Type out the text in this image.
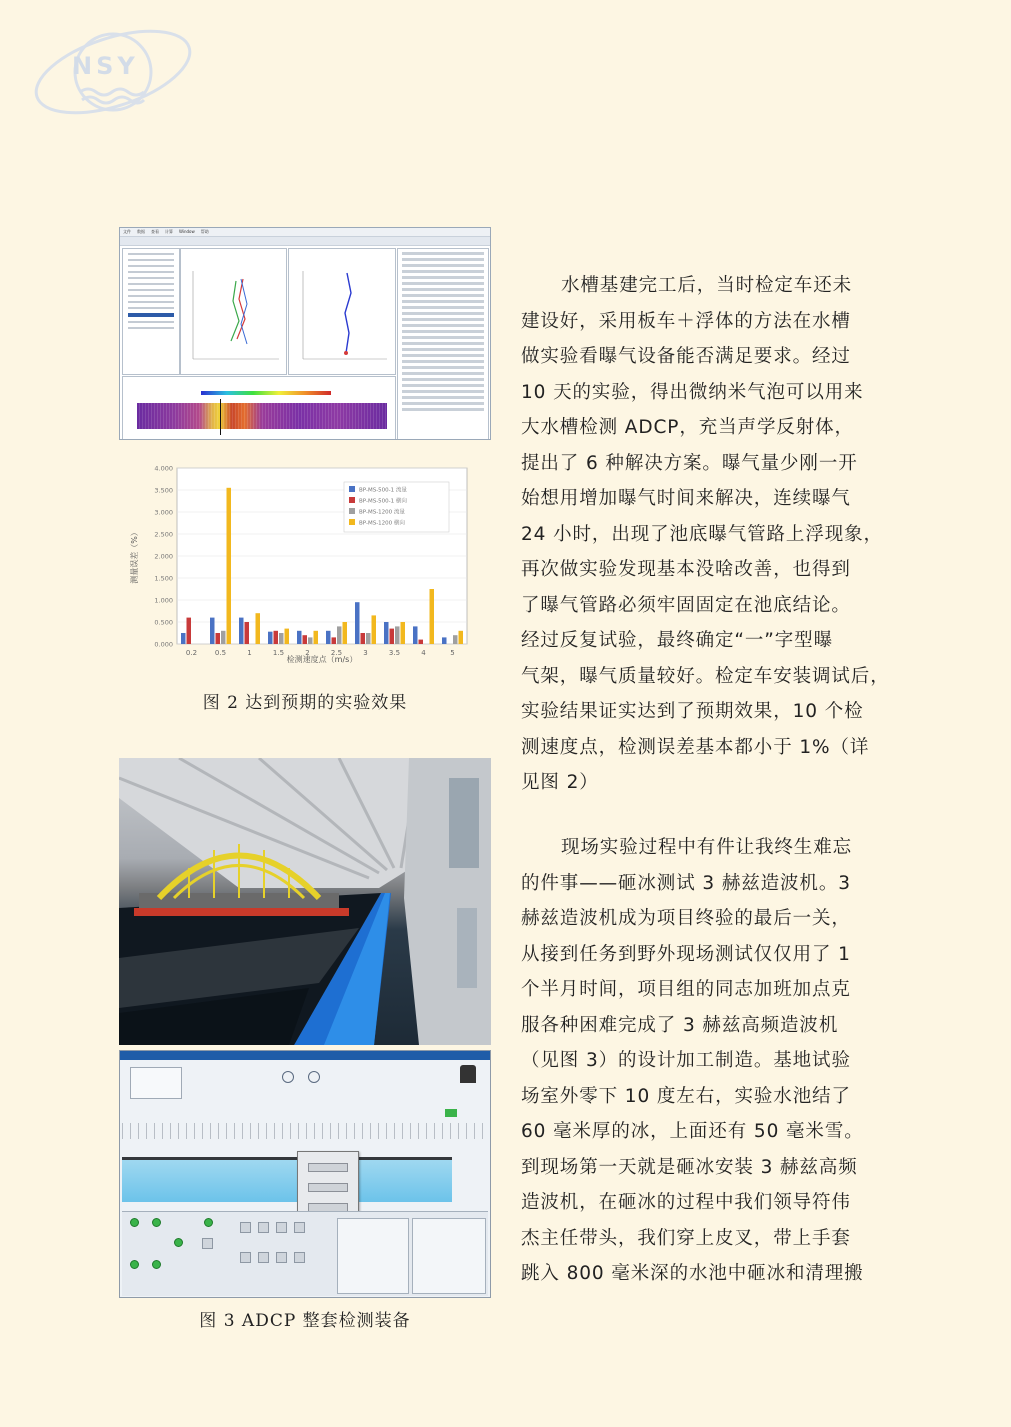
NSY
文件 数据 查看 计算 Window 帮助
0.000
0.500
1.000
1.500
2.000
2.500
3.000
3.500
4.000
0.2	0.5	1	1.5	2	2.5	3	3.5	4	5
测量误差（%）
检测速度点（m/s）
BP-MS-500-1 流量
BP-MS-500-1 横向
BP-MS-1200 流量
BP-MS-1200 横向
图 2 达到预期的实验效果
图 3 ADCP 整套检测装备

水槽基建完工后，当时检定车还未

建设好，采用板车＋浮体的方法在水槽

做实验看曝气设备能否满足要求。经过

10 天的实验，得出微纳米气泡可以用来

大水槽检测 ADCP，充当声学反射体，

提出了 6 种解决方案。曝气量少刚一开

始想用增加曝气时间来解决，连续曝气

24 小时，出现了池底曝气管路上浮现象，

再次做实验发现基本没啥改善，也得到

了曝气管路必须牢固固定在池底结论。

经过反复试验，最终确定“一”字型曝

气架，曝气质量较好。检定车安装调试后，

实验结果证实达到了预期效果，10 个检

测速度点，检测误差基本都小于 1%（详

见图 2）

现场实验过程中有件让我终生难忘

的件事——砸冰测试 3 赫兹造波机。3

赫兹造波机成为项目终验的最后一关，

从接到任务到野外现场测试仅仅用了 1

个半月时间，项目组的同志加班加点克

服各种困难完成了 3 赫兹高频造波机

（见图 3）的设计加工制造。基地试验

场室外零下 10 度左右，实验水池结了

60 毫米厚的冰，上面还有 50 毫米雪。

到现场第一天就是砸冰安装 3 赫兹高频

造波机，在砸冰的过程中我们领导符伟

杰主任带头，我们穿上皮叉，带上手套

跳入 800 毫米深的水池中砸冰和清理搬
